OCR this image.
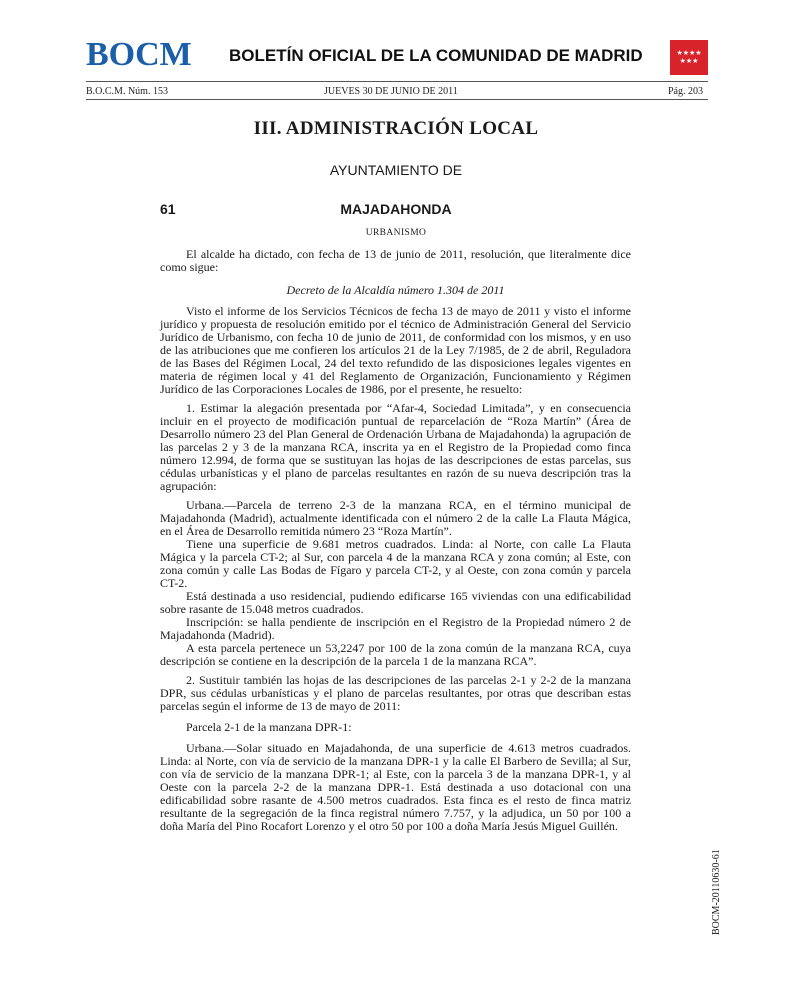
BOCM BOLETÍN OFICIAL DE LA COMUNIDAD DE MADRID	★★★★
★★★
B.O.C.M. Núm. 153	JUEVES 30 DE JUNIO DE 2011	Pág. 203
III. ADMINISTRACIÓN LOCAL
AYUNTAMIENTO DE
61	MAJADAHONDA
URBANISMO

El alcalde ha dictado, con fecha de 13 de junio de 2011, resolución, que literalmente dice como sigue:

Decreto de la Alcaldía número 1.304 de 2011

Visto el informe de los Servicios Técnicos de fecha 13 de mayo de 2011 y visto el informe jurídico y propuesta de resolución emitido por el técnico de Administración General del Servicio Jurídico de Urbanismo, con fecha 10 de junio de 2011, de conformidad con los mismos, y en uso de las atribuciones que me confieren los artículos 21 de la Ley 7/1985, de 2 de abril, Reguladora de las Bases del Régimen Local, 24 del texto refundido de las disposiciones legales vigentes en materia de régimen local y 41 del Reglamento de Organización, Funcionamiento y Régimen Jurídico de las Corporaciones Locales de 1986, por el presente, he resuelto:

1. Estimar la alegación presentada por “Afar-4, Sociedad Limitada”, y en consecuencia incluir en el proyecto de modificación puntual de reparcelación de “Roza Martín” (Área de Desarrollo número 23 del Plan General de Ordenación Urbana de Majadahonda) la agrupación de las parcelas 2 y 3 de la manzana RCA, inscrita ya en el Registro de la Propiedad como finca número 12.994, de forma que se sustituyan las hojas de las descripciones de estas parcelas, sus cédulas urbanísticas y el plano de parcelas resultantes en razón de su nueva descripción tras la agrupación:

Urbana.—Parcela de terreno 2-3 de la manzana RCA, en el término municipal de Majadahonda (Madrid), actualmente identificada con el número 2 de la calle La Flauta Mágica, en el Área de Desarrollo remitida número 23 “Roza Martín”.

Tiene una superficie de 9.681 metros cuadrados. Linda: al Norte, con calle La Flauta Mágica y la parcela CT-2; al Sur, con parcela 4 de la manzana RCA y zona común; al Este, con zona común y calle Las Bodas de Fígaro y parcela CT-2, y al Oeste, con zona común y parcela CT-2.

Está destinada a uso residencial, pudiendo edificarse 165 viviendas con una edificabilidad sobre rasante de 15.048 metros cuadrados.

Inscripción: se halla pendiente de inscripción en el Registro de la Propiedad número 2 de Majadahonda (Madrid).

A esta parcela pertenece un 53,2247 por 100 de la zona común de la manzana RCA, cuya descripción se contiene en la descripción de la parcela 1 de la manzana RCA”.

2. Sustituir también las hojas de las descripciones de las parcelas 2-1 y 2-2 de la manzana DPR, sus cédulas urbanísticas y el plano de parcelas resultantes, por otras que describan estas parcelas según el informe de 13 de mayo de 2011:

Parcela 2-1 de la manzana DPR-1:

Urbana.—Solar situado en Majadahonda, de una superficie de 4.613 metros cuadrados. Linda: al Norte, con vía de servicio de la manzana DPR-1 y la calle El Barbero de Sevilla; al Sur, con vía de servicio de la manzana DPR-1; al Este, con la parcela 3 de la manzana DPR-1, y al Oeste con la parcela 2-2 de la manzana DPR-1. Está destinada a uso dotacional con una edificabilidad sobre rasante de 4.500 metros cuadrados. Esta finca es el resto de finca matriz resultante de la segregación de la finca registral número 7.757, y la adjudica, un 50 por 100 a doña María del Pino Rocafort Lorenzo y el otro 50 por 100 a doña María Jesús Miguel Guillén.

BOCM-20110630-61
